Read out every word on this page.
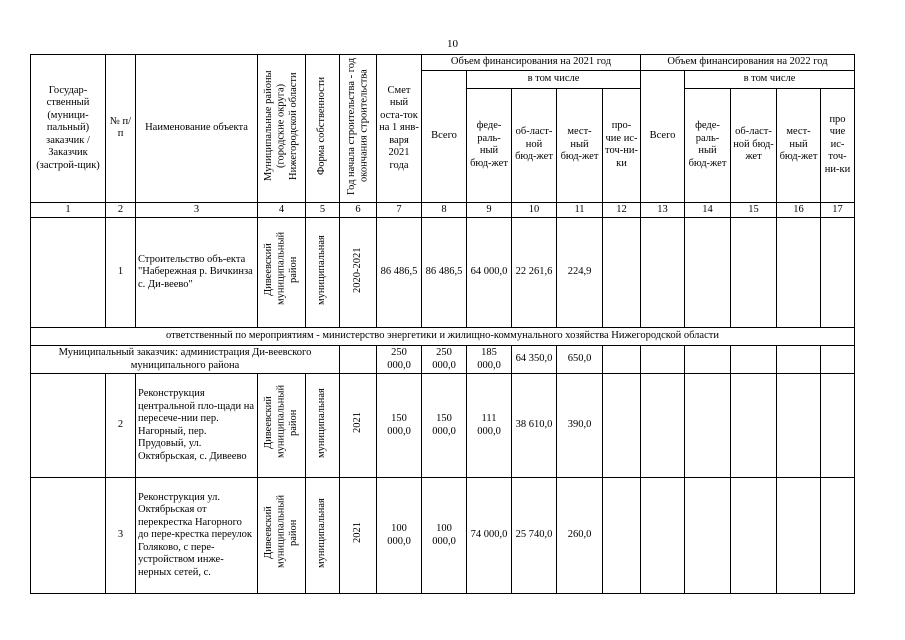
10
Государ-ственный (муници-пальный) заказчик / Заказчик (застрой-щик)	№ п/п	Наименование объекта	Муниципальные районы (городские округа) Нижегородской области	Форма собственности	Год начала строительства - год окончания строительства	Смет ный оста-ток на 1 янв-варя 2021 года	Объем финансирования на 2021 год					Объем финансирования на 2022 год				
							Всего	в том числе				Всего	в том числе			
								феде-раль-ный бюд-жет	об-ласт-ной бюд-жет	мест-ный бюд-жет	про-чие ис-точ-ни-ки		феде-раль-ный бюд-жет	об-ласт-ной бюд-жет	мест-ный бюд-жет	про чие ис-точ-ни-ки
1	2	3	4	5	6	7	8	9	10	11	12	13	14	15	16	17
	1	Строительство объ-екта "Набережная р. Вичкинза с. Ди-веево"	Дивеевский муниципальный район	муниципальная	2020-2021	86 486,5	86 486,5	64 000,0	22 261,6	224,9						
ответственный по мероприятиям - министерство энергетики и жилищно-коммунального хозяйства Нижегородской области																
Муниципальный заказчик: администрация Ди-веевского муниципального района						250 000,0	250 000,0	185 000,0	64 350,0	650,0						
	2	Реконструкция центральной пло-щади на пересече-нии пер. Нагорный, пер. Прудовый, ул. Октябрьская, с. Дивеево	Дивеевский муниципальный район	муниципальная	2021	150 000,0	150 000,0	111 000,0	38 610,0	390,0						
	3	Реконструкция ул. Октябрьская от перекрестка Нагорного до пере-кpестка переулок Голяково, с пере-устройством инже-нерных сетей, с.	Дивеевский муниципальный район	муниципальная	2021	100 000,0	100 000,0	74 000,0	25 740,0	260,0						
